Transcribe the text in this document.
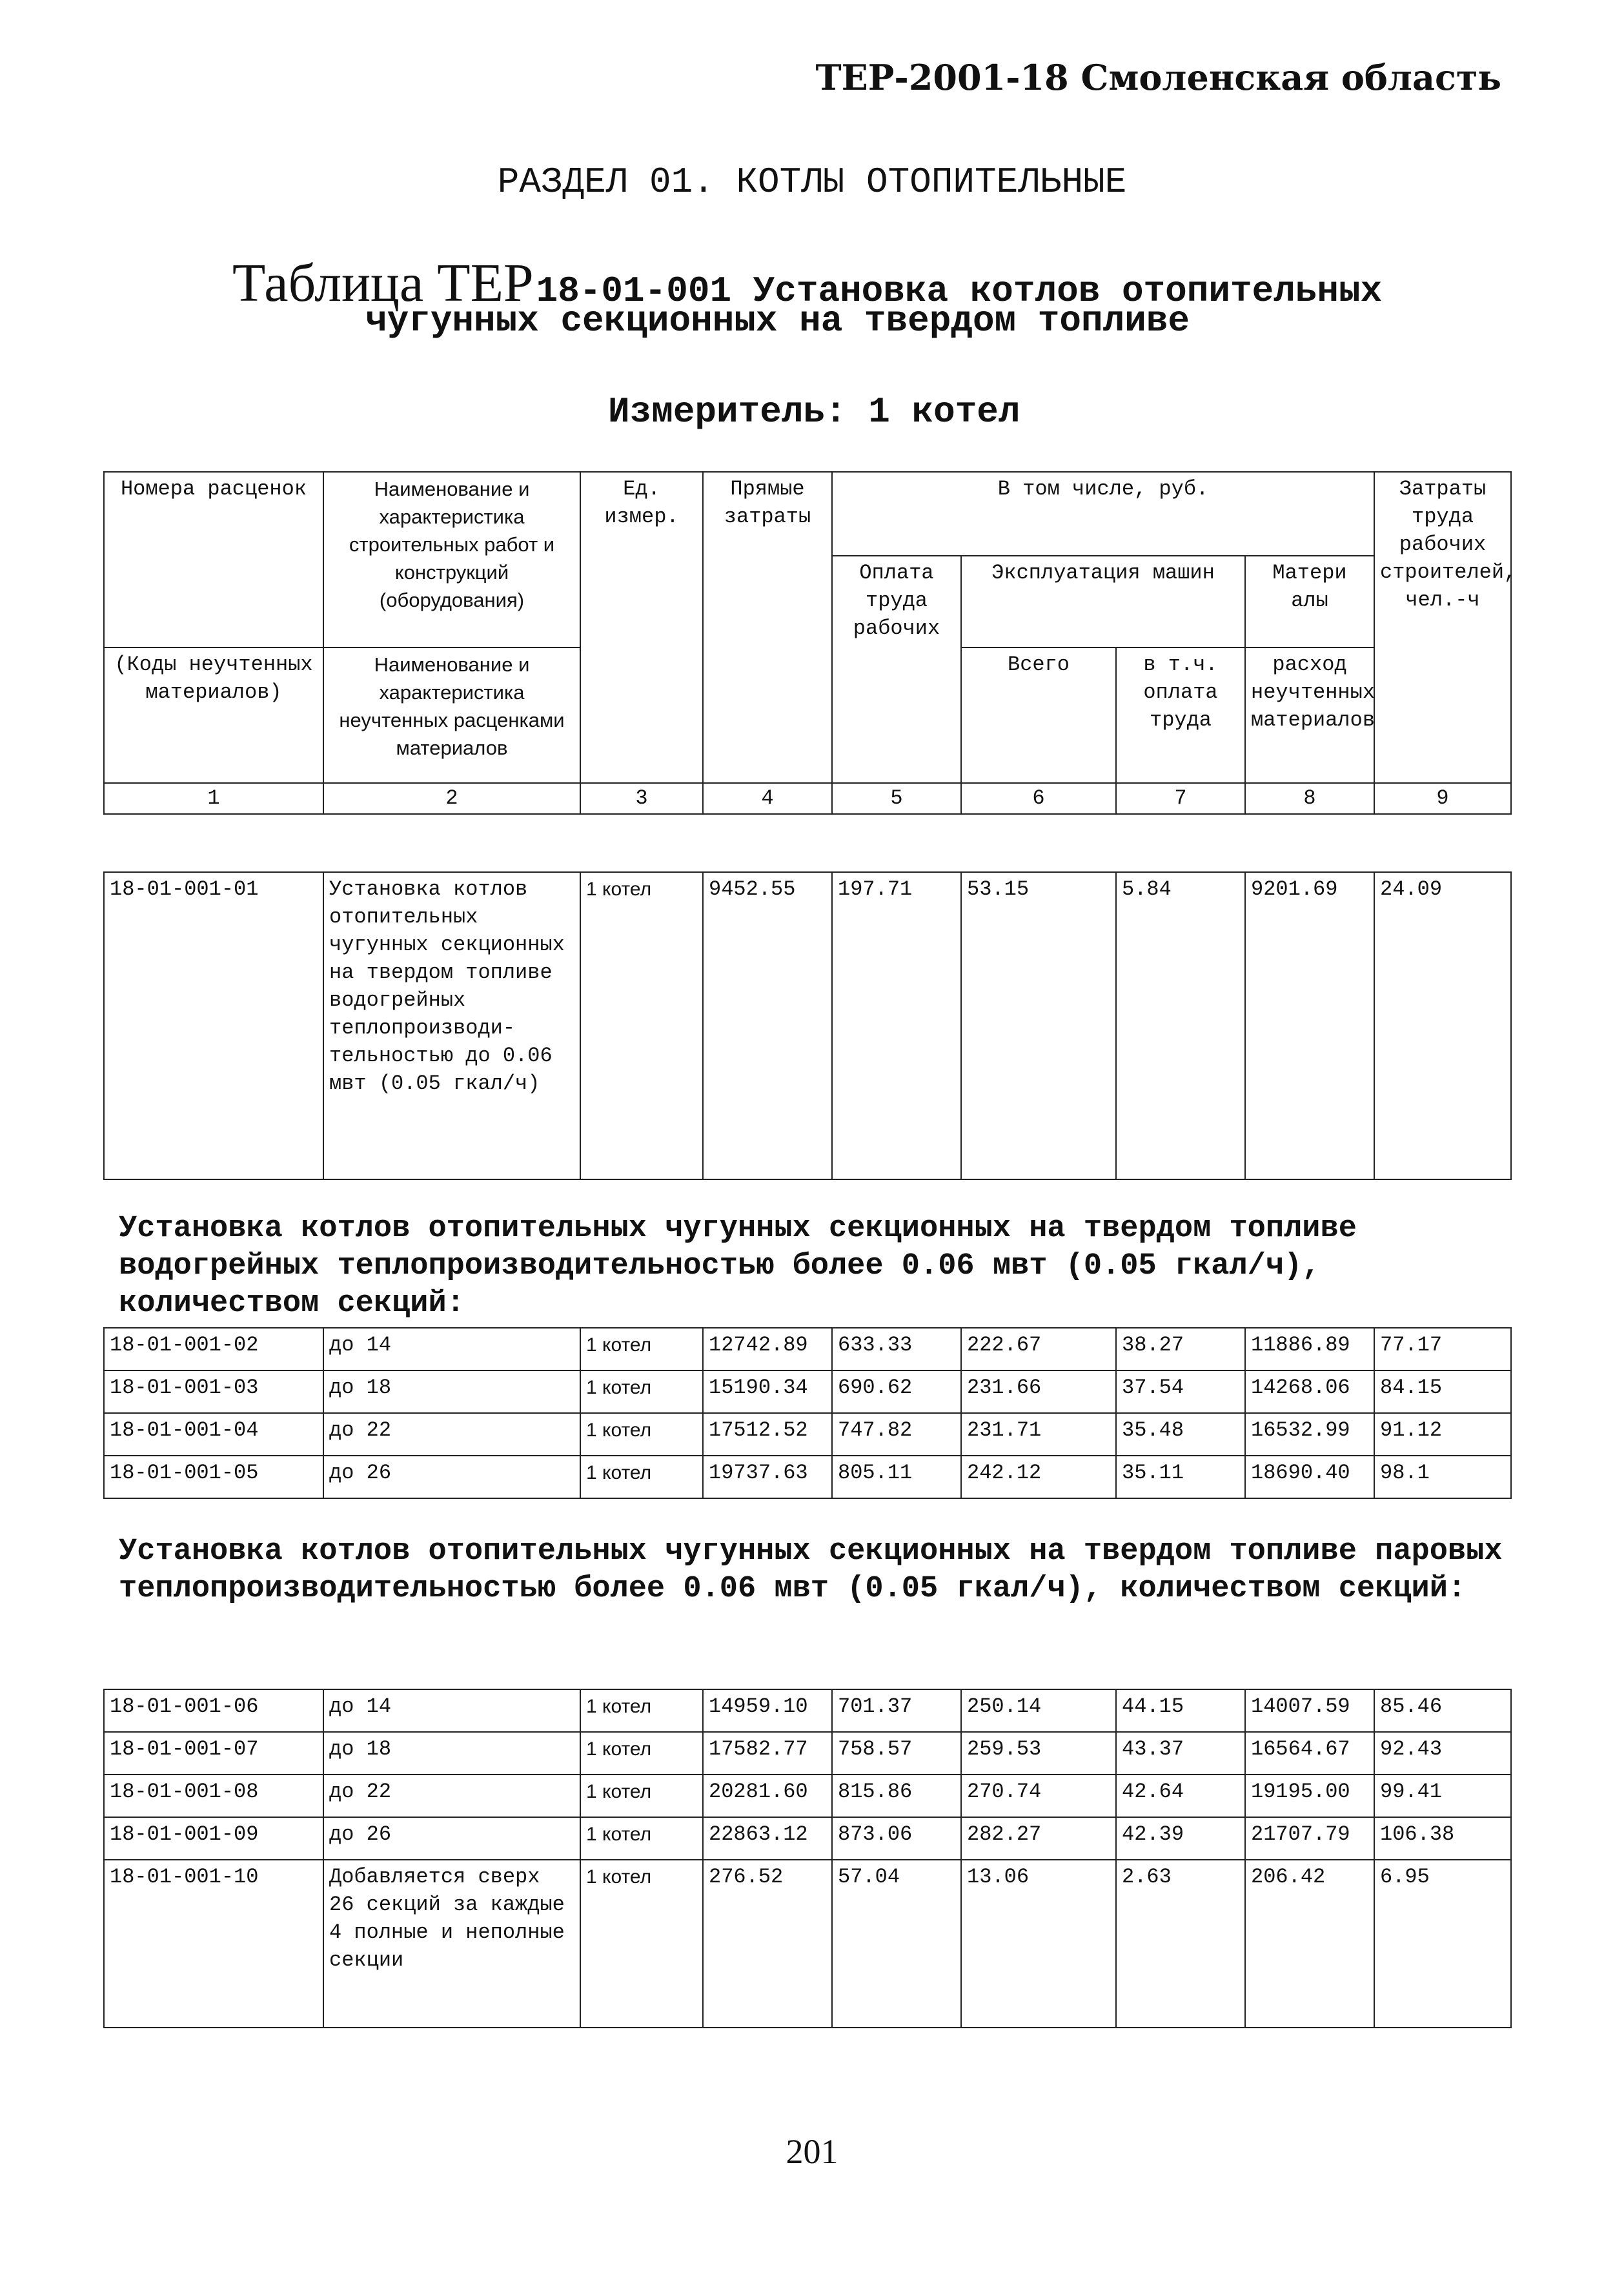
ТЕР-2001-18 Смоленская область
РАЗДЕЛ 01. КОТЛЫ ОТОПИТЕЛЬНЫЕ
Таблица ТЕР 18-01-001 Установка котлов отопительных
чугунных секционных на твердом топливе
Измеритель: 1 котел
Номера расценок	Наименование и характеристика строительных работ и конструкций (оборудования)	Ед. измер.	Прямые затраты	В том числе, руб.				Затраты труда рабочих строителей, чел.-ч
				Оплата труда рабочих	Эксплуатация машин		Матери алы	
(Коды неучтенных материалов)	Наименование и характеристика неучтенных расценками материалов				Всего	в т.ч. оплата труда	расход неучтенных материалов	

1	2	3	4	5	6	7	8	9
18-01-001-01	Установка котлов отопительных чугунных секционных на твердом топливе водогрейных теплопроизводи-тельностью до 0.06 мвт (0.05 гкал/ч)	1 котел	9452.55	197.71	53.15	5.84	9201.69	24.09
Установка котлов отопительных чугунных секционных на твердом топливе водогрейных теплопроизводительностью более 0.06 мвт (0.05 гкал/ч), количеством секций:
18-01-001-02	до 14	1 котел	12742.89	633.33	222.67	38.27	11886.89	77.17
18-01-001-03	до 18	1 котел	15190.34	690.62	231.66	37.54	14268.06	84.15
18-01-001-04	до 22	1 котел	17512.52	747.82	231.71	35.48	16532.99	91.12
18-01-001-05	до 26	1 котел	19737.63	805.11	242.12	35.11	18690.40	98.1
Установка котлов отопительных чугунных секционных на твердом топливе паровых теплопроизводительностью более 0.06 мвт (0.05 гкал/ч), количеством секций:
18-01-001-06	до 14	1 котел	14959.10	701.37	250.14	44.15	14007.59	85.46
18-01-001-07	до 18	1 котел	17582.77	758.57	259.53	43.37	16564.67	92.43
18-01-001-08	до 22	1 котел	20281.60	815.86	270.74	42.64	19195.00	99.41
18-01-001-09	до 26	1 котел	22863.12	873.06	282.27	42.39	21707.79	106.38
18-01-001-10	Добавляется сверх 26 секций за каждые 4 полные и неполные секции	1 котел	276.52	57.04	13.06	2.63	206.42	6.95
201
